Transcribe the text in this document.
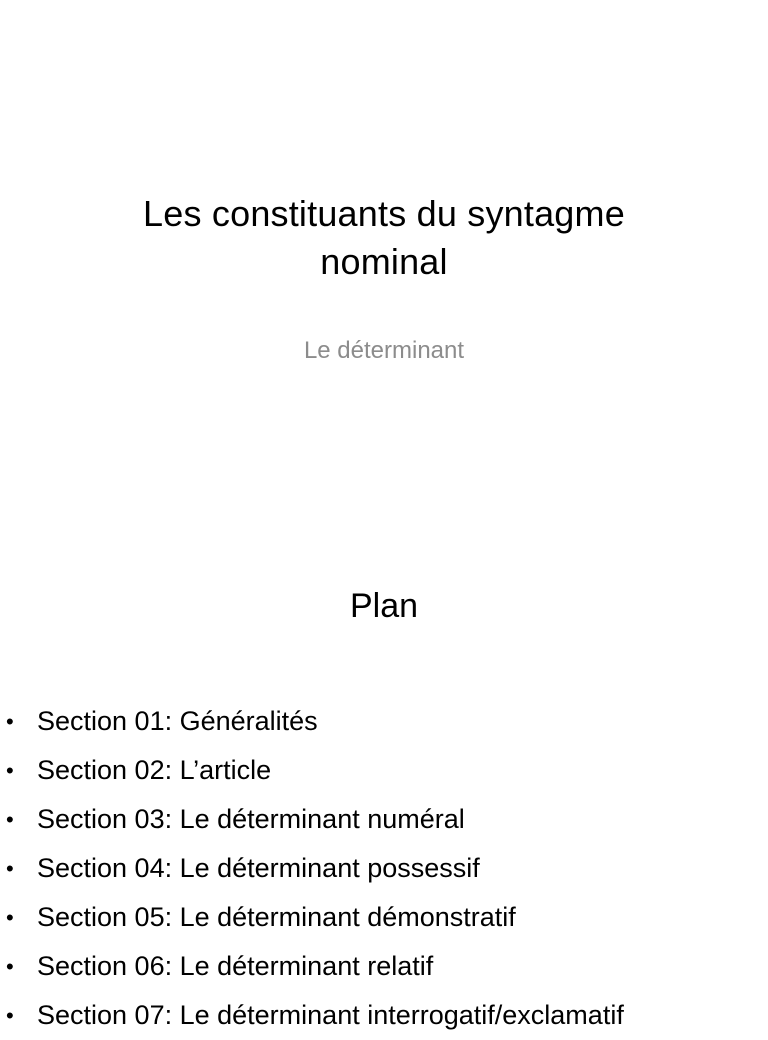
Les constituants du syntagme
nominal
Le déterminant
Plan
• Section 01: Généralités
• Section 02: L’article
• Section 03: Le déterminant numéral
• Section 04: Le déterminant possessif
• Section 05: Le déterminant démonstratif
• Section 06: Le déterminant relatif
• Section 07: Le déterminant interrogatif/exclamatif
